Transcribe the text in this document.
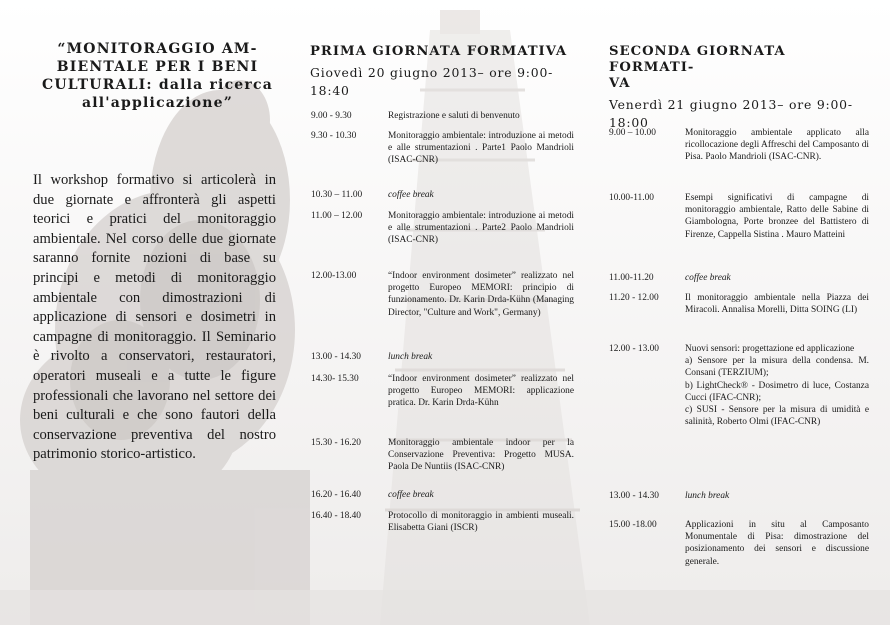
“MONITORAGGIO AM-
BIENTALE PER I BENI
CULTURALI: dalla ricerca
all'applicazione”
Il workshop formativo si articolerà in due giornate e affronterà gli aspetti teorici e pratici del monitoraggio ambientale. Nel corso delle due giornate saranno fornite nozioni di base su principi e metodi di monitoraggio ambientale con dimostrazioni di applicazione di sensori e dosimetri in campagne di monitoraggio. Il Seminario è rivolto a conservatori, restauratori, operatori museali e a tutte le figure professionali che lavorano nel settore dei beni culturali e che sono fautori della conservazione preventiva del nostro patrimonio storico-artistico.
PRIMA GIORNATA FORMATIVA
Giovedì 20 giugno 2013– ore 9:00-
18:40
9.00 - 9.30	Registrazione e saluti di benvenuto
9.30 - 10.30	Monitoraggio ambientale: introduzione ai metodi e alle strumentazioni . Parte1 Paolo Mandrioli (ISAC-CNR)
10.30 – 11.00	coffee break
11.00 – 12.00	Monitoraggio ambientale: introduzione ai metodi e alle strumentazioni . Parte2 Paolo Mandrioli (ISAC-CNR)
12.00-13.00	“Indoor environment dosimeter” realizzato nel progetto Europeo MEMORI: principio di funzionamento. Dr. Karin Drda-Kühn (Managing Director, "Culture and Work", Germany)
13.00 - 14.30	lunch break
14.30- 15.30	“Indoor environment dosimeter” realizzato nel progetto Europeo MEMORI: applicazione pratica. Dr. Karin Drda-Kühn
15.30 - 16.20	Monitoraggio ambientale indoor per la Conservazione Preventiva: Progetto MUSA. Paola De Nuntiis (ISAC-CNR)
16.20 - 16.40	coffee break
16.40 - 18.40	Protocollo di monitoraggio in ambienti museali. Elisabetta Giani (ISCR)
SECONDA GIORNATA FORMATI-
VA
Venerdì 21 giugno 2013– ore 9:00-
18:00
9.00 – 10.00	Monitoraggio ambientale applicato alla ricollocazione degli Affreschi del Camposanto di Pisa. Paolo Mandrioli (ISAC-CNR).
10.00-11.00	Esempi significativi di campagne di monitoraggio ambientale, Ratto delle Sabine di Giambologna, Porte bronzee del Battistero di Firenze, Cappella Sistina . Mauro Matteini
11.00-11.20	coffee break
11.20 - 12.00	Il monitoraggio ambientale nella Piazza dei Miracoli. Annalisa Morelli, Ditta SOING (LI)
12.00 - 13.00	Nuovi sensori: progettazione ed applicazione
a) Sensore per la misura della condensa. M. Consani (TERZIUM);
b) LightCheck® - Dosimetro di luce, Costanza Cucci (IFAC-CNR);
c) SUSI - Sensore per la misura di umidità e salinità, Roberto Olmi (IFAC-CNR)
13.00 - 14.30	lunch break
15.00 -18.00	Applicazioni in situ al Camposanto Monumentale di Pisa: dimostrazione del posizionamento dei sensori e discussione generale.
